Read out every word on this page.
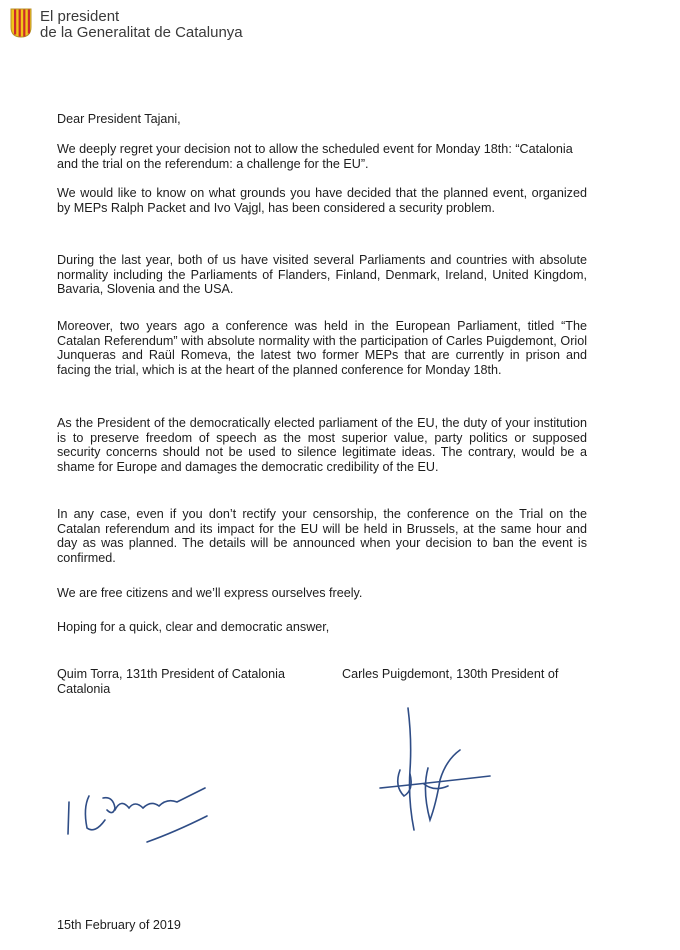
El president
de la Generalitat de Catalunya
Dear President Tajani,
We deeply regret your decision not to allow the scheduled event for Monday 18th: “Catalonia and the trial on the referendum: a challenge for the EU”.
We would like to know on what grounds you have decided that the planned event, organized by MEPs Ralph Packet and Ivo Vajgl, has been considered a security problem.
During the last year, both of us have visited several Parliaments and countries with absolute normality including the Parliaments of Flanders, Finland, Denmark, Ireland, United Kingdom, Bavaria, Slovenia and the USA.
Moreover, two years ago a conference was held in the European Parliament, titled “The Catalan Referendum” with absolute normality with the participation of Carles Puigdemont, Oriol Junqueras and Raül Romeva, the latest two former MEPs that are currently in prison and facing the trial, which is at the heart of the planned conference for Monday 18th.
As the President of the democratically elected parliament of the EU, the duty of your institution is to preserve freedom of speech as the most superior value, party politics or supposed security concerns should not be used to silence legitimate ideas. The contrary, would be a shame for Europe and damages the democratic credibility of the EU.
In any case, even if you don’t rectify your censorship, the conference on the Trial on the Catalan referendum and its impact for the EU will be held in Brussels, at the same hour and day as was planned. The details will be announced when your decision to ban the event is confirmed.
We are free citizens and we’ll express ourselves freely.
Hoping for a quick, clear and democratic answer,
Quim Torra, 131th President of Catalonia Catalonia
Carles Puigdemont, 130th President of
15th February of 2019
